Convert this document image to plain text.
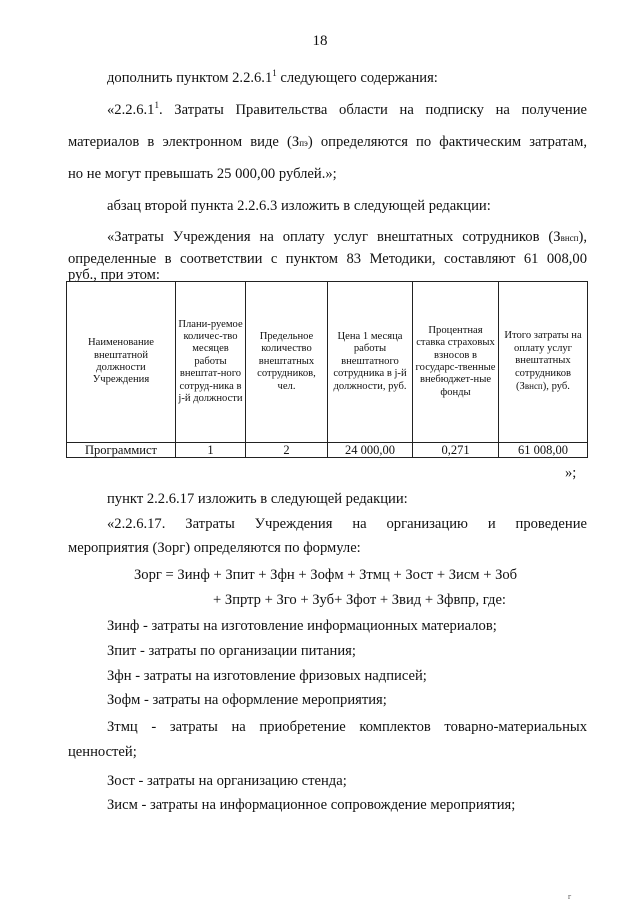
18
дополнить пунктом 2.2.6.1$^1$ следующего содержания:
«2.2.6.1$^1$. Затраты Правительства области на подписку на получение
материалов в электронном виде (Зпэ) определяются по фактическим затратам,
но не могут превышать 25 000,00 рублей.»;
абзац второй пункта 2.2.6.3 изложить в следующей редакции:
«Затраты Учреждения на оплату услуг внештатных сотрудников (Звнсп),
определенные в соответствии с пунктом 83 Методики, составляют 61 008,00
руб., при этом:
Наименование внештатной должности Учреждения	Плани-руемое количес-тво месяцев работы внештат-ного сотруд-ника в j-й должности	Предельное количество внештатных сотрудников, чел.	Цена 1 месяца работы внештатного сотрудника в j-й должности, руб.	Процентная ставка страховых взносов в государс-твенные внебюджет-ные фонды	Итого затраты на оплату услуг внештатных сотрудников (Звнсп), руб.
Программист	1	2	24 000,00	0,271	61 008,00
»;
пункт 2.2.6.17 изложить в следующей редакции:
«2.2.6.17. Затраты Учреждения на организацию и проведение
мероприятия (Зорг) определяются по формуле:
Зорг = Зинф + Зпит + Зфн + Зофм + Зтмц + Зост + Зисм + Зоб
+ Зпртр + Зго + Зуб+ Зфот + Звид + Зфвпр, где:
Зинф - затраты на изготовление информационных материалов;
Зпит - затраты по организации питания;
Зфн - затраты на изготовление фризовых надписей;
Зофм - затраты на оформление мероприятия;
Зтмц - затраты на приобретение комплектов товарно-материальных
ценностей;
Зост - затраты на организацию стенда;
Зисм - затраты на информационное сопровождение мероприятия;
г
